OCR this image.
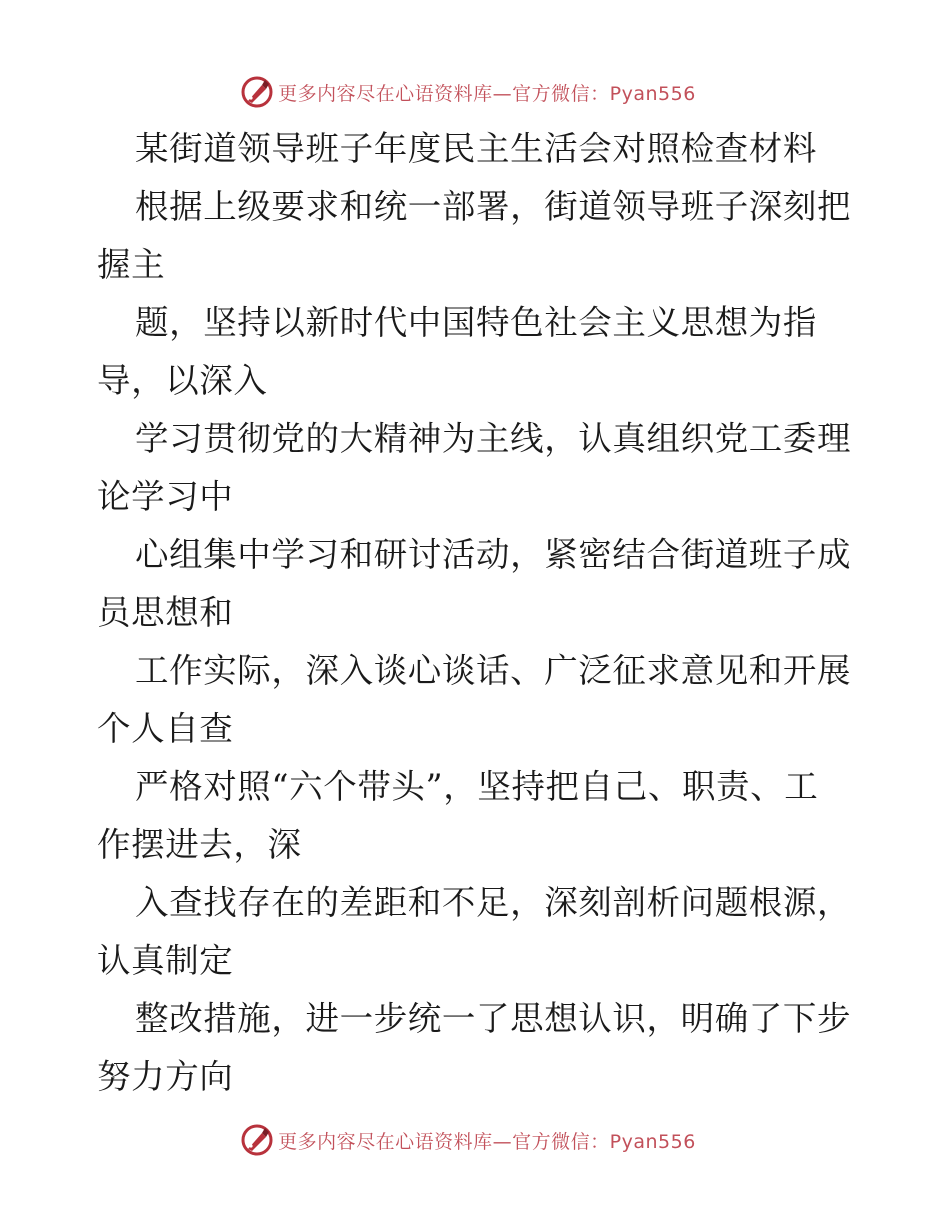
更多内容尽在心语资料库—官方微信：Pyan556
某街道领导班子年度民主生活会对照检查材料
根据上级要求和统一部署，街道领导班子深刻把
握主
题，坚持以新时代中国特色社会主义思想为指
导，以深入
学习贯彻党的大精神为主线，认真组织党工委理
论学习中
心组集中学习和研讨活动，紧密结合街道班子成
员思想和
工作实际，深入谈心谈话、广泛征求意见和开展
个人自查
严格对照“六个带头”，坚持把自己、职责、工
作摆进去，深
入查找存在的差距和不足，深刻剖析问题根源，
认真制定
整改措施，进一步统一了思想认识，明确了下步
努力方向
更多内容尽在心语资料库—官方微信：Pyan556
